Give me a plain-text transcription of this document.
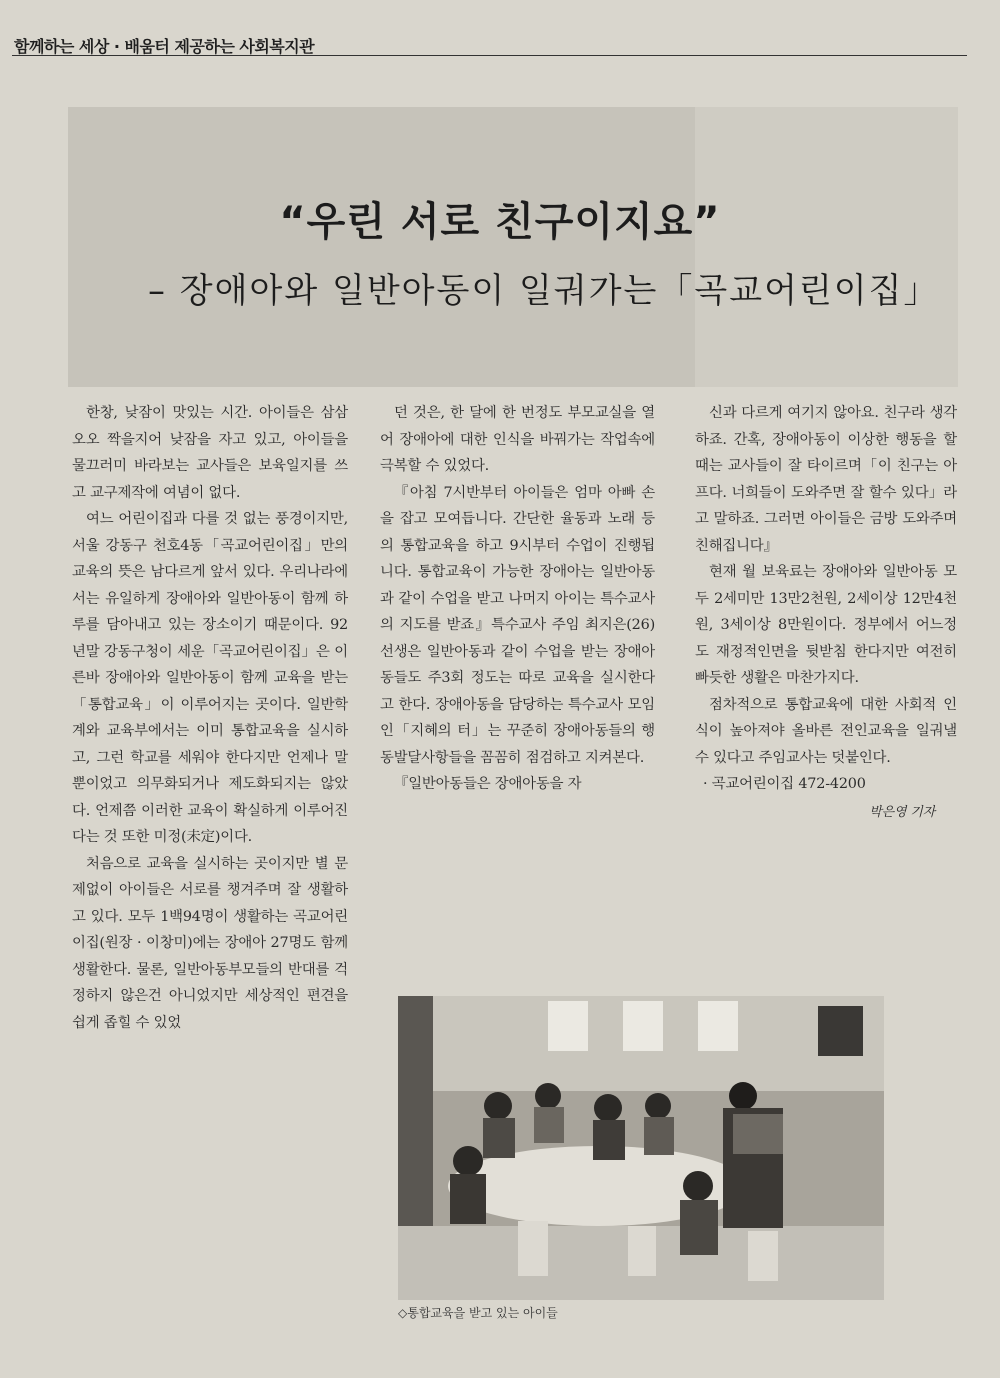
함께하는 세상 · 배움터 제공하는 사회복지관
“우린 서로 친구이지요”
– 장애아와 일반아동이 일궈가는「곡교어린이집」

한창, 낮잠이 맛있는 시간. 아이들은 삼삼오오 짝을지어 낮잠을 자고 있고, 아이들을 물끄러미 바라보는 교사들은 보육일지를 쓰고 교구제작에 여념이 없다.

여느 어린이집과 다를 것 없는 풍경이지만, 서울 강동구 천호4동「곡교어린이집」만의 교육의 뜻은 남다르게 앞서 있다. 우리나라에서는 유일하게 장애아와 일반아동이 함께 하루를 담아내고 있는 장소이기 때문이다. 92년말 강동구청이 세운「곡교어린이집」은 이른바 장애아와 일반아동이 함께 교육을 받는「통합교육」이 이루어지는 곳이다. 일반학계와 교육부에서는 이미 통합교육을 실시하고, 그런 학교를 세워야 한다지만 언제나 말 뿐이었고 의무화되거나 제도화되지는 않았다. 언제쯤 이러한 교육이 확실하게 이루어진다는 것 또한 미정(未定)이다.

처음으로 교육을 실시하는 곳이지만 별 문제없이 아이들은 서로를 챙겨주며 잘 생활하고 있다. 모두 1백94명이 생활하는 곡교어린이집(원장 · 이창미)에는 장애아 27명도 함께 생활한다. 물론, 일반아동부모들의 반대를 걱정하지 않은건 아니었지만 세상적인 편견을 쉽게 좁힐 수 있었

던 것은, 한 달에 한 번정도 부모교실을 열어 장애아에 대한 인식을 바꿔가는 작업속에 극복할 수 있었다.

『아침 7시반부터 아이들은 엄마 아빠 손을 잡고 모여듭니다. 간단한 율동과 노래 등의 통합교육을 하고 9시부터 수업이 진행됩니다. 통합교육이 가능한 장애아는 일반아동과 같이 수업을 받고 나머지 아이는 특수교사의 지도를 받죠』특수교사 주임 최지은(26) 선생은 일반아동과 같이 수업을 받는 장애아동들도 주3회 정도는 따로 교육을 실시한다고 한다. 장애아동을 담당하는 특수교사 모임인「지혜의 터」는 꾸준히 장애아동들의 행동발달사항들을 꼼꼼히 점검하고 지켜본다.

『일반아동들은 장애아동을 자

신과 다르게 여기지 않아요. 친구라 생각하죠. 간혹, 장애아동이 이상한 행동을 할 때는 교사들이 잘 타이르며「이 친구는 아프다. 너희들이 도와주면 잘 할수 있다」라고 말하죠. 그러면 아이들은 금방 도와주며 친해집니다』

현재 월 보육료는 장애아와 일반아동 모두 2세미만 13만2천원, 2세이상 12만4천원, 3세이상 8만원이다. 정부에서 어느정도 재정적인면을 뒷받침 한다지만 여전히 빠듯한 생활은 마찬가지다.

점차적으로 통합교육에 대한 사회적 인식이 높아져야 올바른 전인교육을 일궈낼 수 있다고 주임교사는 덧붙인다.

· 곡교어린이집 472-4200

박은영 기자
◇통합교육을 받고 있는 아이들
